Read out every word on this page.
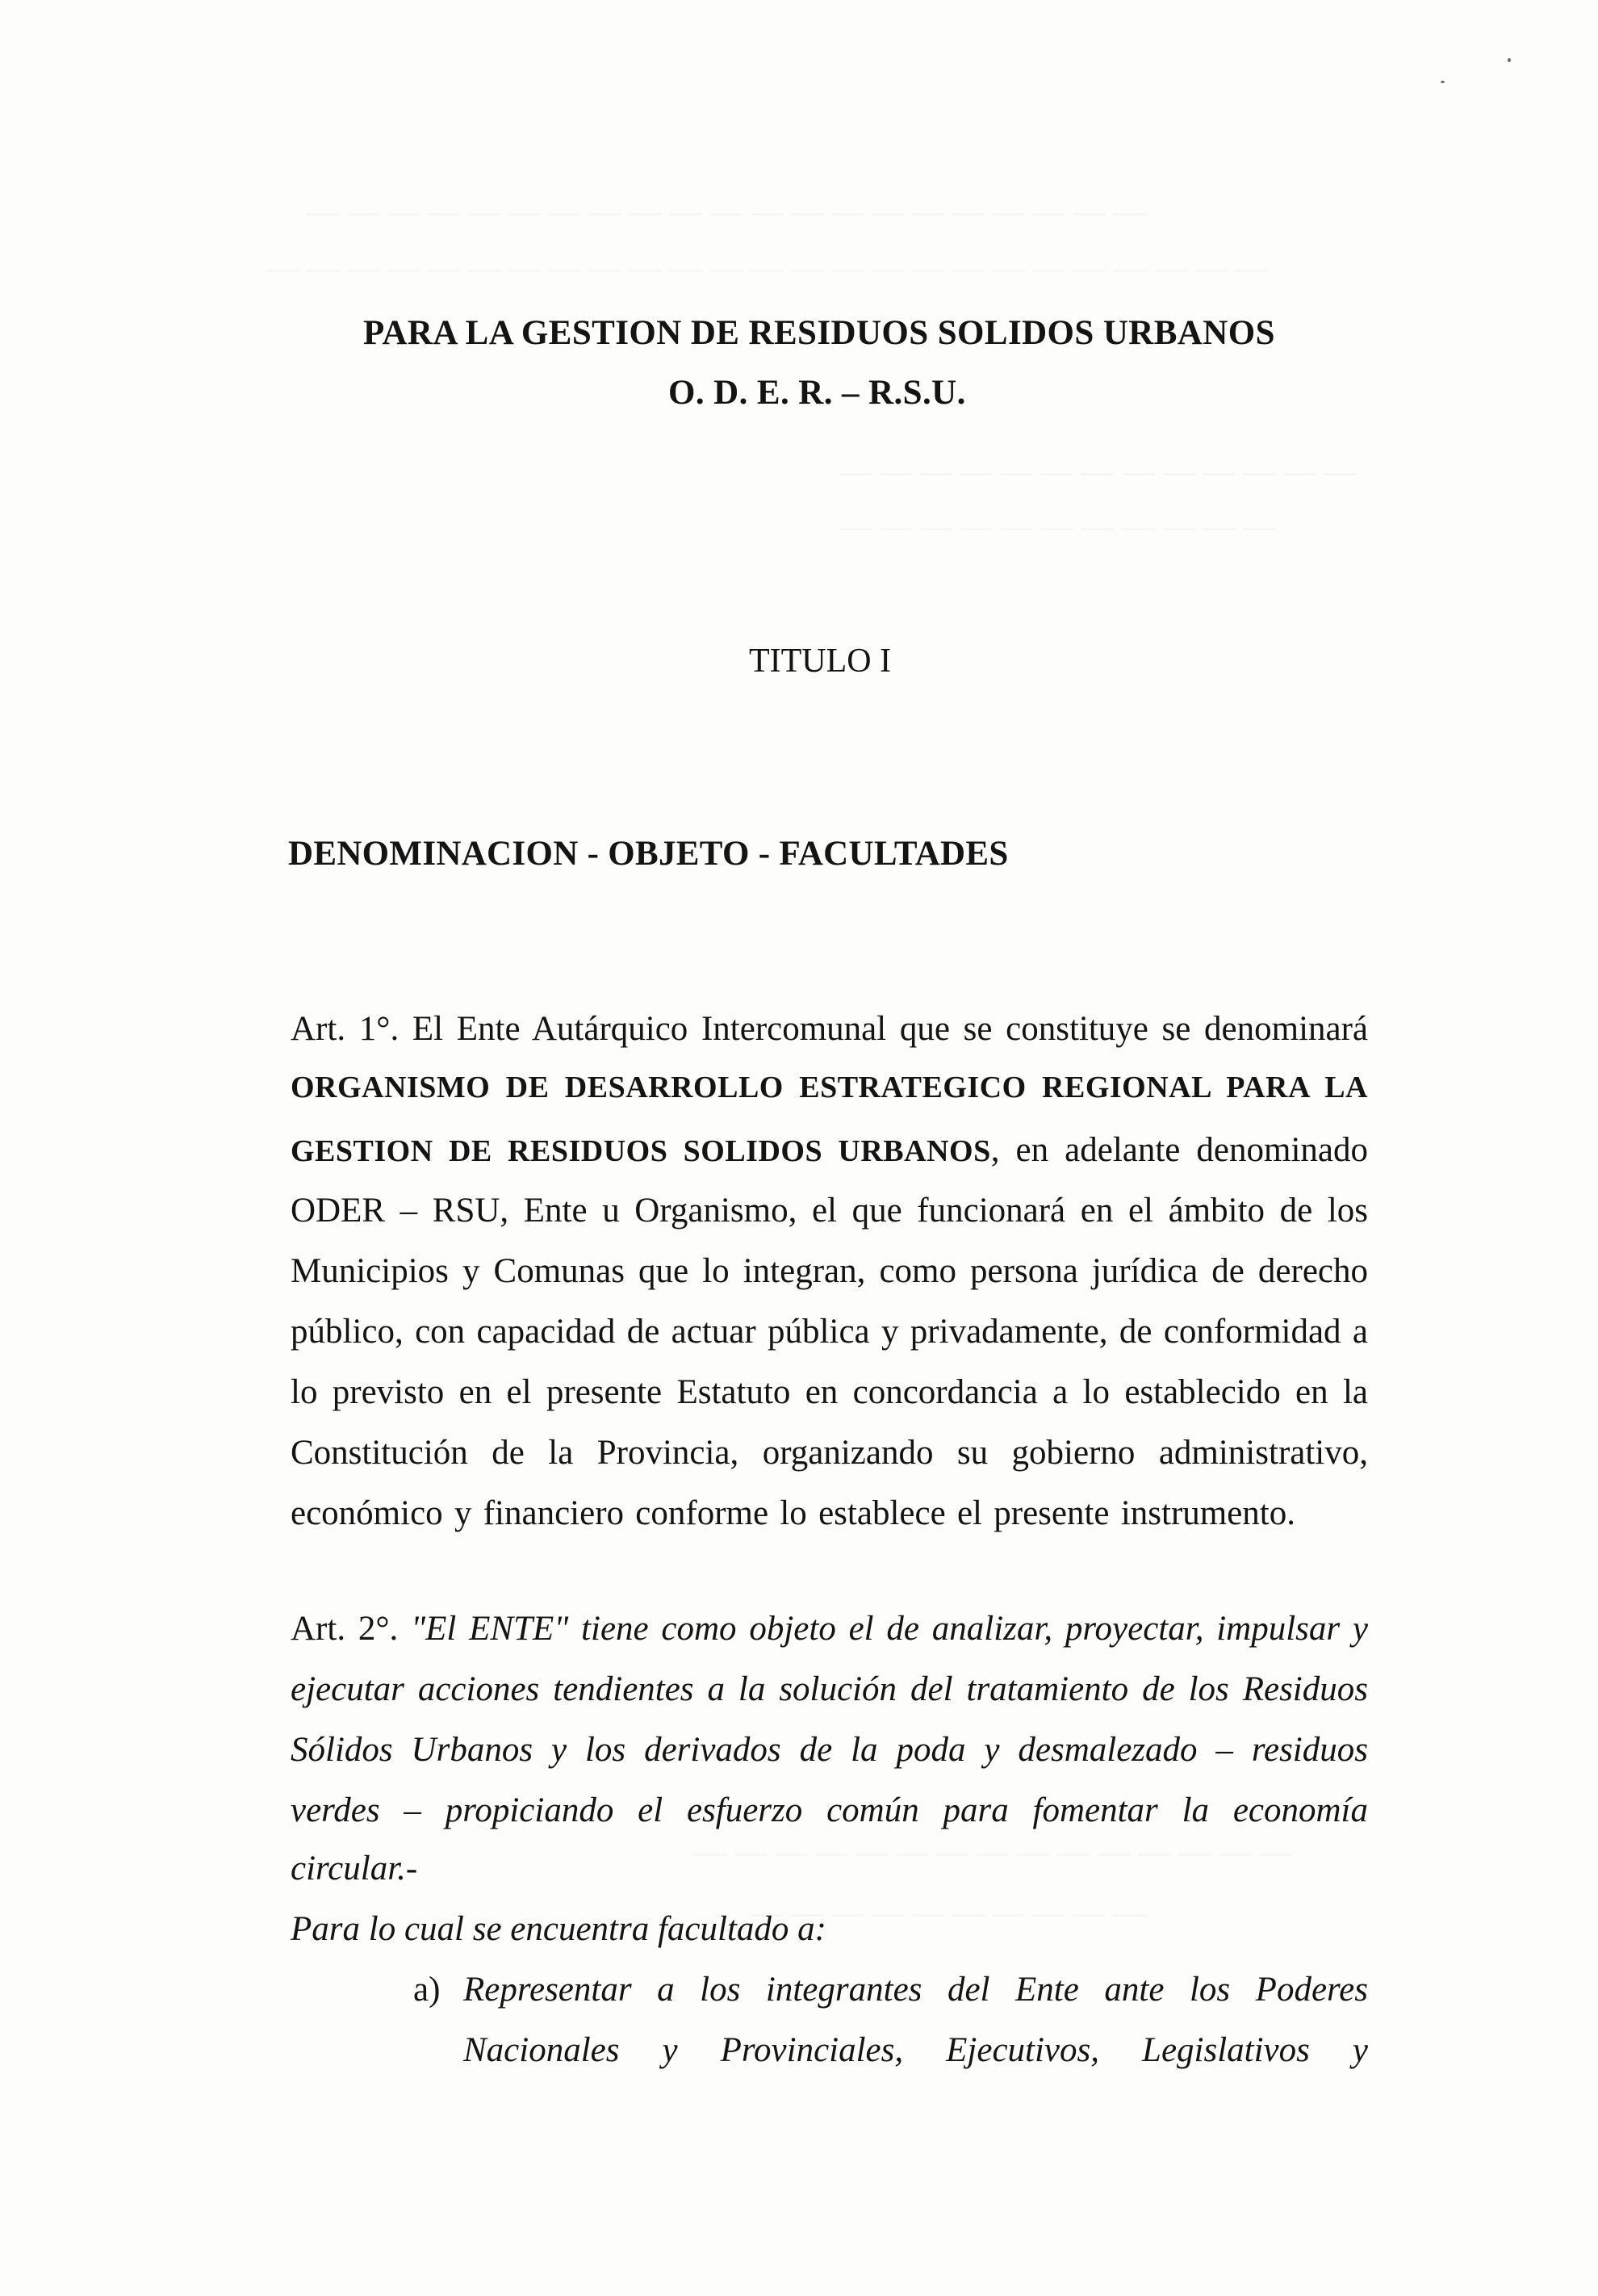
PARA LA GESTION DE RESIDUOS SOLIDOS URBANOS

O. D. E. R. – R.S.U.

TITULO I

DENOMINACION - OBJETO - FACULTADES

Art. 1°. El Ente Autárquico Intercomunal que se constituye se denominará

ORGANISMO DE DESARROLLO ESTRATEGICO REGIONAL PARA LA

GESTION DE RESIDUOS SOLIDOS URBANOS, en adelante denominado

ODER – RSU, Ente u Organismo, el que funcionará en el ámbito de los

Municipios y Comunas que lo integran, como persona jurídica de derecho

público, con capacidad de actuar pública y privadamente, de conformidad a

lo previsto en el presente Estatuto en concordancia a lo establecido en la

Constitución de la Provincia, organizando su gobierno administrativo,

económico y financiero conforme lo establece el presente instrumento.

Art. 2°. "El ENTE" tiene como objeto el de analizar, proyectar, impulsar y

ejecutar acciones tendientes a la solución del tratamiento de los Residuos

Sólidos Urbanos y los derivados de la poda y desmalezado – residuos

verdes – propiciando el esfuerzo común para fomentar la economía

circular.-

Para lo cual se encuentra facultado a:

a) Representar a los integrantes del Ente ante los Poderes

Nacionales y Provinciales, Ejecutivos, Legislativos y
